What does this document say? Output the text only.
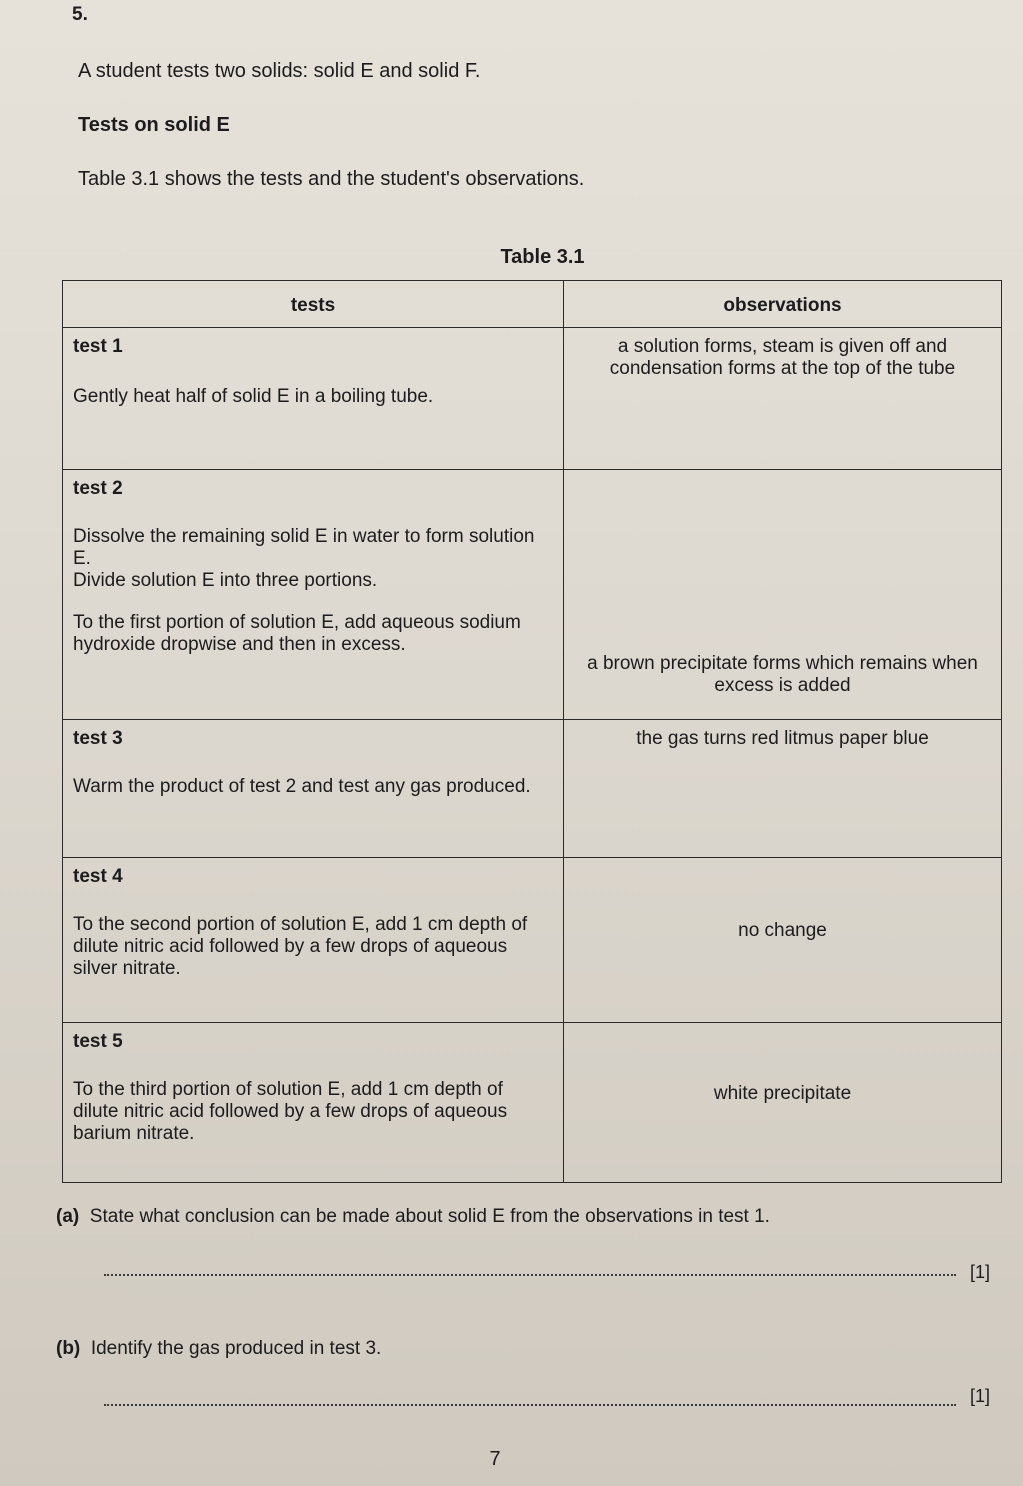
5.
A student tests two solids: solid E and solid F.
Tests on solid E
Table 3.1 shows the tests and the student's observations.
Table 3.1
tests	observations

test 1
Gently heat half of solid E in a boiling tube.	a solution forms, steam is given off and condensation forms at the top of the tube

test 2
Dissolve the remaining solid E in water to form solution E.
Divide solution E into three portions.
To the first portion of solution E, add aqueous sodium hydroxide dropwise and then in excess.	a brown precipitate forms which remains when excess is added

test 3
Warm the product of test 2 and test any gas produced.	the gas turns red litmus paper blue

test 4
To the second portion of solution E, add 1 cm depth of dilute nitric acid followed by a few drops of aqueous silver nitrate.	no change

test 5
To the third portion of solution E, add 1 cm depth of dilute nitric acid followed by a few drops of aqueous barium nitrate.	white precipitate
(a) State what conclusion can be made about solid E from the observations in test 1.
[1]
(b) Identify the gas produced in test 3.
[1]
7
